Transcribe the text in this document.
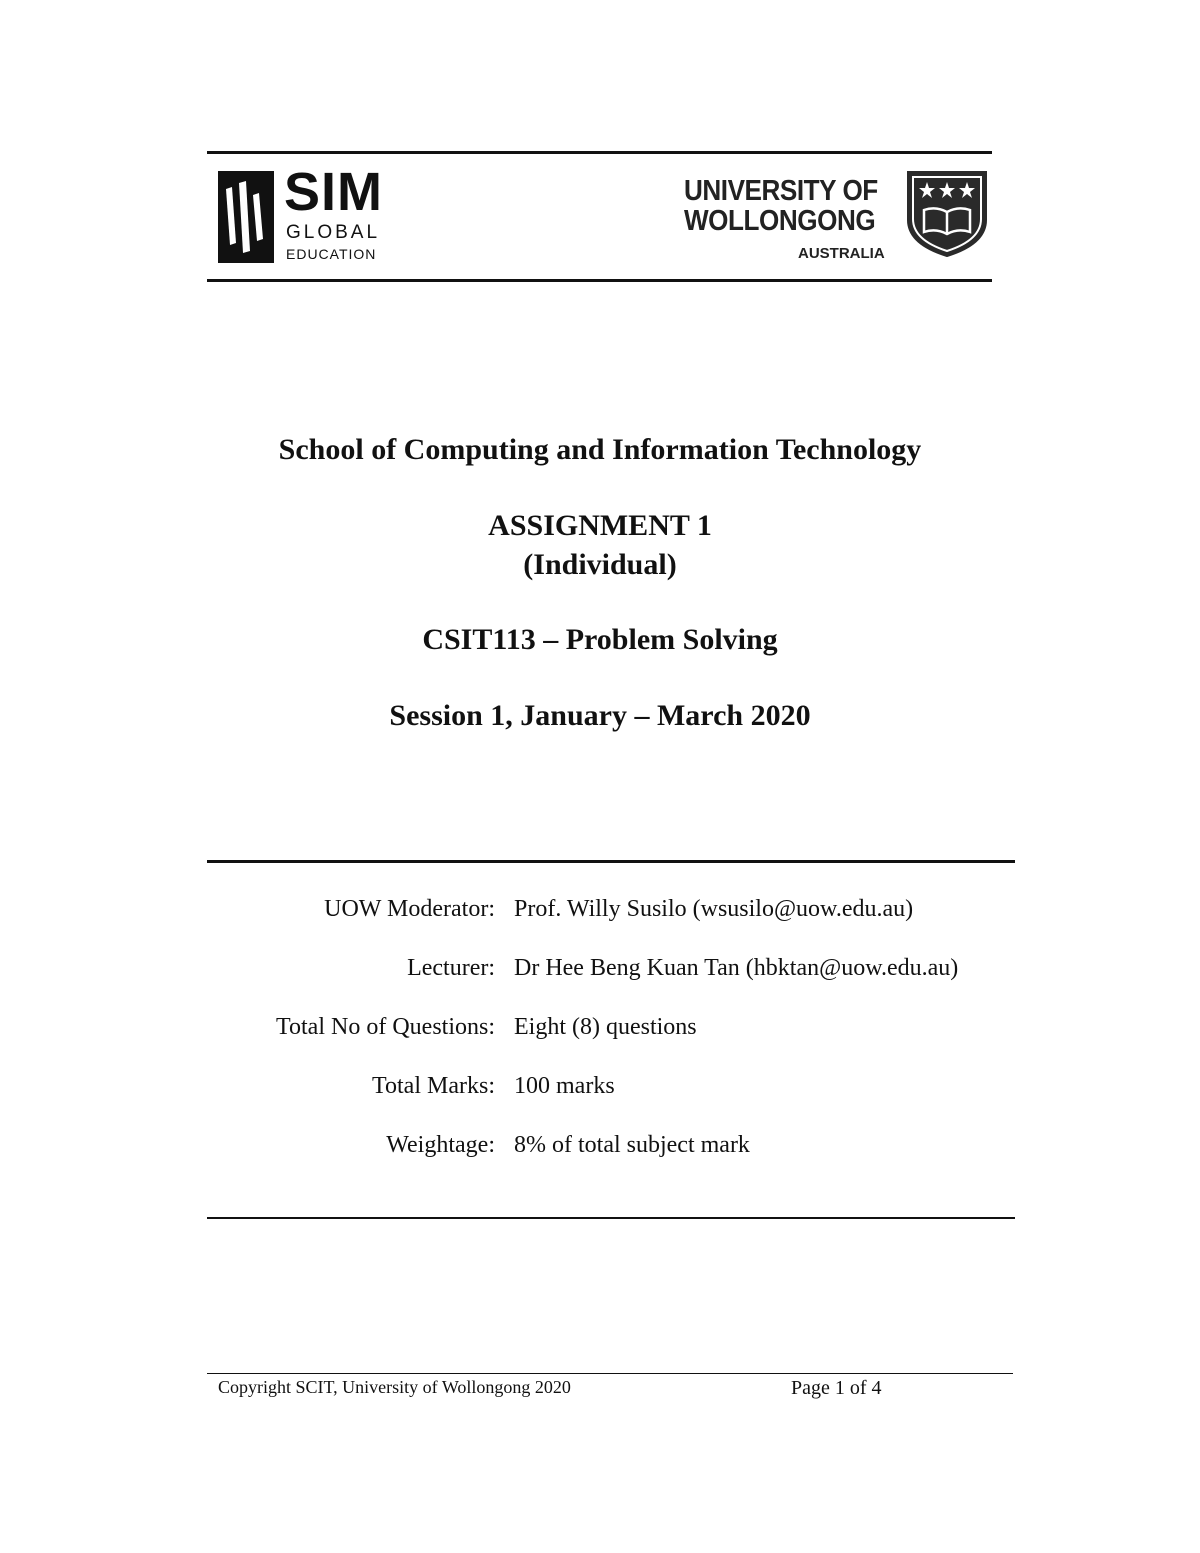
SIM
GLOBAL
EDUCATION
UNIVERSITY OF
WOLLONGONG
AUSTRALIA
School of Computing and Information Technology
ASSIGNMENT 1
(Individual)
CSIT113 – Problem Solving
Session 1, January – March 2020
UOW Moderator: Prof. Willy Susilo (wsusilo@uow.edu.au)
Lecturer: Dr Hee Beng Kuan Tan (hbktan@uow.edu.au)
Total No of Questions: Eight (8) questions
Total Marks: 100 marks
Weightage: 8% of total subject mark
Copyright SCIT, University of Wollongong 2020	Page 1 of 4
